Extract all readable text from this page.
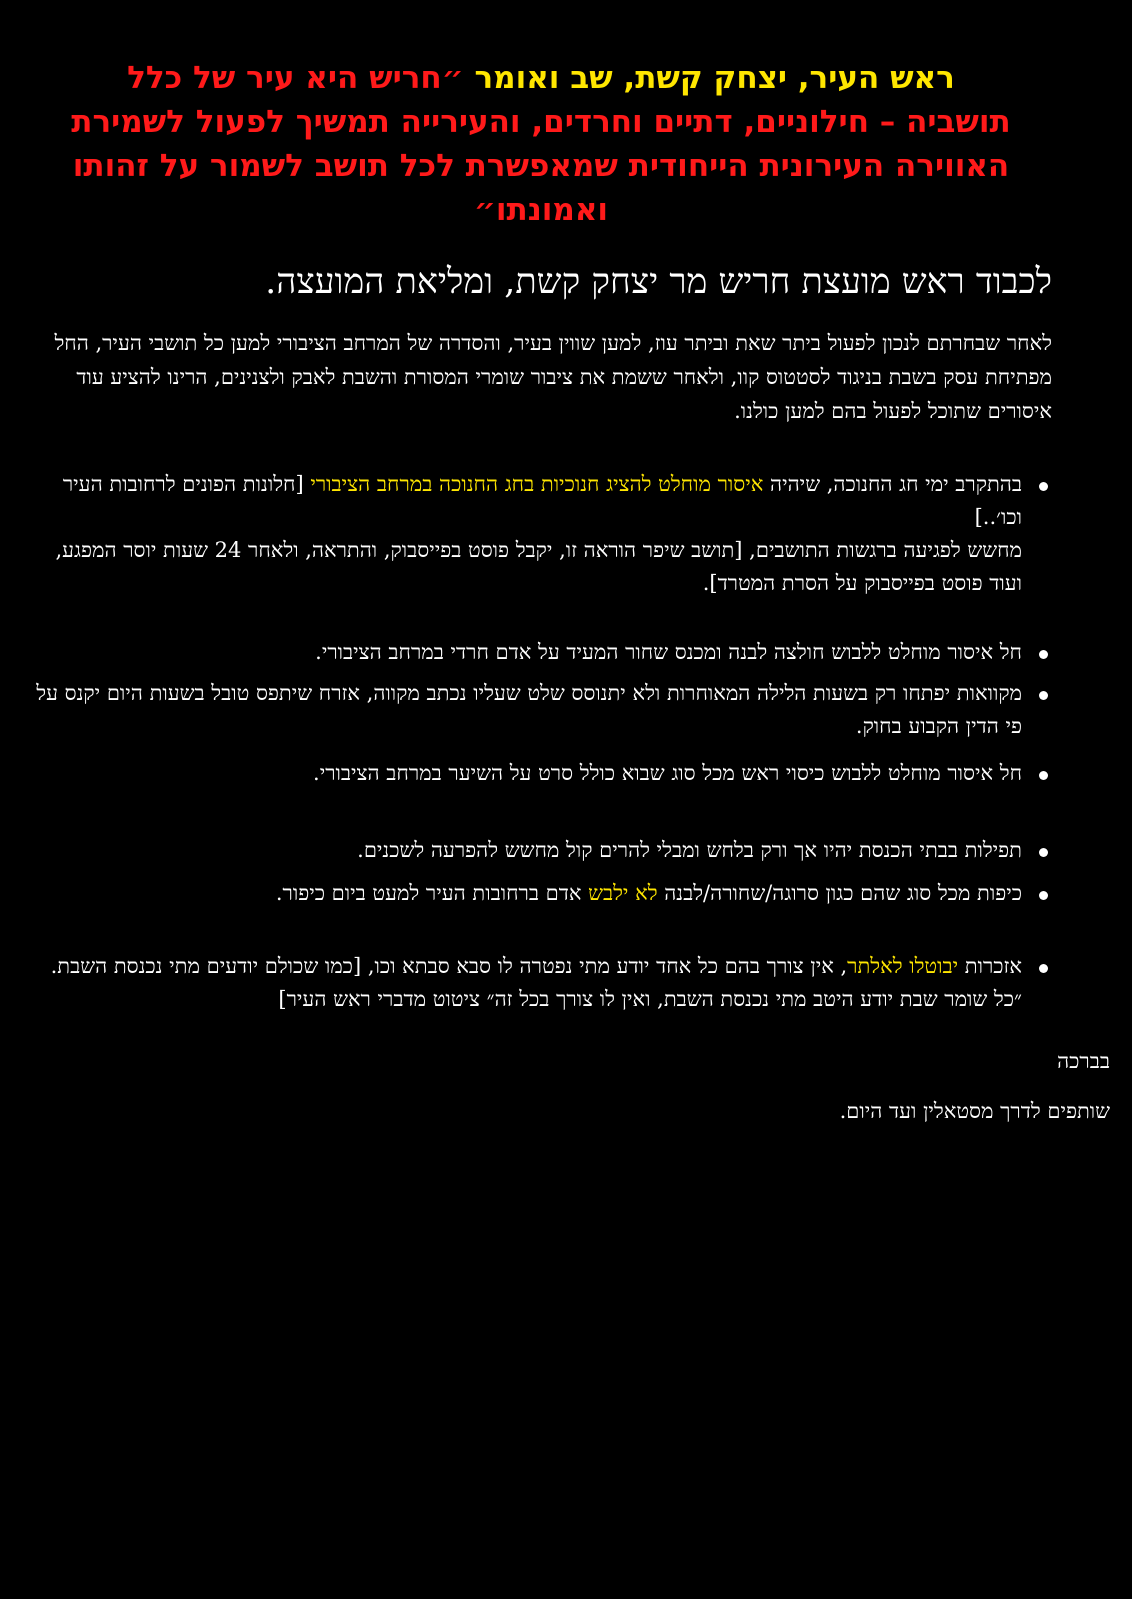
ראש העיר, יצחק קשת, שב ואומר ״חריש היא עיר של כלל תושביה – חילוניים, דתיים וחרדים, והעירייה תמשיך לפעול לשמירת האווירה העירונית הייחודית שמאפשרת לכל תושב לשמור על זהותו ואמונתו״
לכבוד ראש מועצת חריש מר יצחק קשת, ומליאת המועצה.
לאחר שבחרתם לנכון לפעול ביתר שאת וביתר עוז, למען שווין בעיר, והסדרה של המרחב הציבורי למען כל תושבי העיר, החל מפתיחת עסק בשבת בניגוד לסטטוס קוו, ולאחר ששמת את ציבור שומרי המסורת והשבת לאבק ולצנינים, הרינו להציע עוד איסורים שתוכל לפעול בהם למען כולנו.
בהתקרב ימי חג החנוכה, שיהיה איסור מוחלט להציג חנוכיות בחג החנוכה במרחב הציבורי [חלונות הפונים לרחובות העיר וכו׳..]
מחשש לפגיעה ברגשות התושבים, [תושב שיפר הוראה זו, יקבל פוסט בפייסבוק, והתראה, ולאחר 24 שעות יוסר המפגע, ועוד פוסט בפייסבוק על הסרת המטרד].
חל איסור מוחלט ללבוש חולצה לבנה ומכנס שחור המעיד על אדם חרדי במרחב הציבורי.
מקוואות יפתחו רק בשעות הלילה המאוחרות ולא יתנוסס שלט שעליו נכתב מקווה, אזרח שיתפס טובל בשעות היום יקנס על פי הדין הקבוע בחוק.
חל איסור מוחלט ללבוש כיסוי ראש מכל סוג שבוא כולל סרט על השיער במרחב הציבורי.
תפילות בבתי הכנסת יהיו אך ורק בלחש ומבלי להרים קול מחשש להפרעה לשכנים.
כיפות מכל סוג שהם כגון סרוגה/שחורה/לבנה לא ילבש אדם ברחובות העיר למעט ביום כיפור.
אזכרות יבוטלו לאלתר, אין צורך בהם כל אחד יודע מתי נפטרה לו סבא סבתא וכו, [כמו שכולם יודעים מתי נכנסת השבת. ״כל שומר שבת יודע היטב מתי נכנסת השבת, ואין לו צורך בכל זה״ ציטוט מדברי ראש העיר]
בברכה
שותפים לדרך מסטאלין ועד היום.
